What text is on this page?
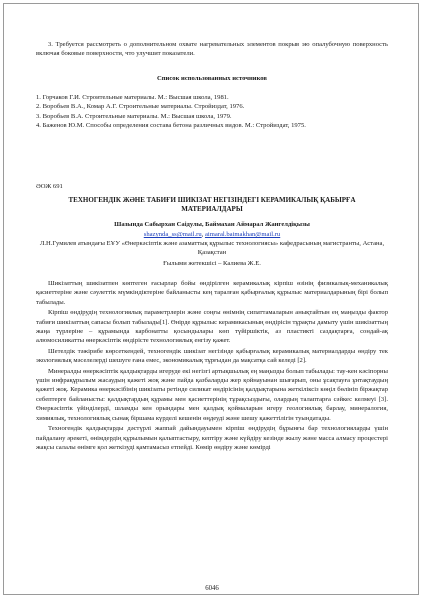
3. Требуется рассмотреть о дополнительном охвате нагревательных элементов покрыв эю опалубочную поверхность включая боковые поверхности, что улучшит показатели.
Список использованных источников
1. Горчаков Г.И. Строительные материалы. М.: Высшая школа, 1981.
2. Воробьев В.А., Комар А.Г. Строительные материалы. Стройиздат, 1976.
3. Воробьев В.А. Строительные материалы. М.: Высшая школа, 1979.
4. Баженов Ю.М. Способы определения состава бетона различных видов. М.: Стройиздат, 1975.
ӘОЖ 691
ТЕХНОГЕНДІК ЖӘНЕ ТАБИҒИ ШИКІЗАТ НЕГІЗІНДЕГІ КЕРАМИКАЛЫҚ ҚАБЫРҒА МАТЕРИАЛДАРЫ
Шазында Сабырхан Саідулы, Баймахан Аймарал Жангелдіқызы
shazynda_ss@mail.ru, aimaral.baimakhan@mail.ru
Л.Н.Гумилев атындағы ЕҰУ «Өнеркәсіптік және азаматтық құрылыс технологиясы» кафедрасының магистранты, Астана, Қазақстан
Ғылыми жетекшісі – Калиева Ж.Е.
Шикізаттың шикізатпен көптеген ғасырлар бойы өндірілген керамикалық кірпіш өзінің физикалық-механикалық қасиеттеріне және сәулеттік мүмкіндіктеріне байланысты кең таралған қабырғалық құрылыс материалдарының бірі болып табылады.
Кірпіш өндірудің технологиялық параметрлерін және соңғы өнімнің сипаттамаларын анықтайтын ең маңызды фактор табиғи шикізаттың сапасы болып табылады[1]. Өнірде құрылыс керамикасының өндірісін тұрақты дамыту үшін шикізаттың жаңа түрлеріне – құрамында карбонатты қосындылары көп түйіршіктік, аз пластикті саздақтарға, сондай-ақ алюмосиликатты өнеркәсіптік өндірісте технологиялық енгізу қажет.
Шетелдік тәжірибе көрсеткендей, техногендік шикізат негізінде қабырғалық керамикалық материалдарды өндіру тек экологиялық мәселелерді шешуге ғана емес, экономикалық тұрғыдан да мақсатқа сай келеді [2].
Минералды өнеркәсіптік қалдықтарды игеруде екі негізгі артықшылық ең маңызды болып табылады: тау-кен кәсіпорны үшін инфрақұрылым жасаудың қажеті жоқ және пайда қазбаларды жер қойнауынан шығарып, оны ұсақтауға ұнтақтаудың қажеті жоқ. Керамика өнеркәсібінің шикізаты ретінде силикат өндірісінің қалдықтарына жеткіліксіз көңіл бөлініп біржақтар себептерге байланысты: қалдықтардың құрамы мен қасиеттерінің тұрақсыздығы, олардың талаптарға сәйкес келмеуі [3]. Өнеркәсіптік үйінділерді, шламды кен орындары мен қалдық қоймаларын игеру геологиялық барлау, минералогия, химиялық, технологиялық сынақ біршама күрделі кешенін өңдеуді және шешу қажеттілігін туындатады.
Техногендік қалдықтарды дәстүрлі жаппай дайындауымен кірпіш өндірудің бұрынғы бар технологияларды үшін пайдалану әрекеті, өнімдердің құрылымын қалыптастыру, кептіру және күйдіру кезінде жылу және масса алмасу процестері жақсы салалы өнімге қол жеткізуді қамтамасыз етпейді. Көмір өндіру және көмірді
6046
